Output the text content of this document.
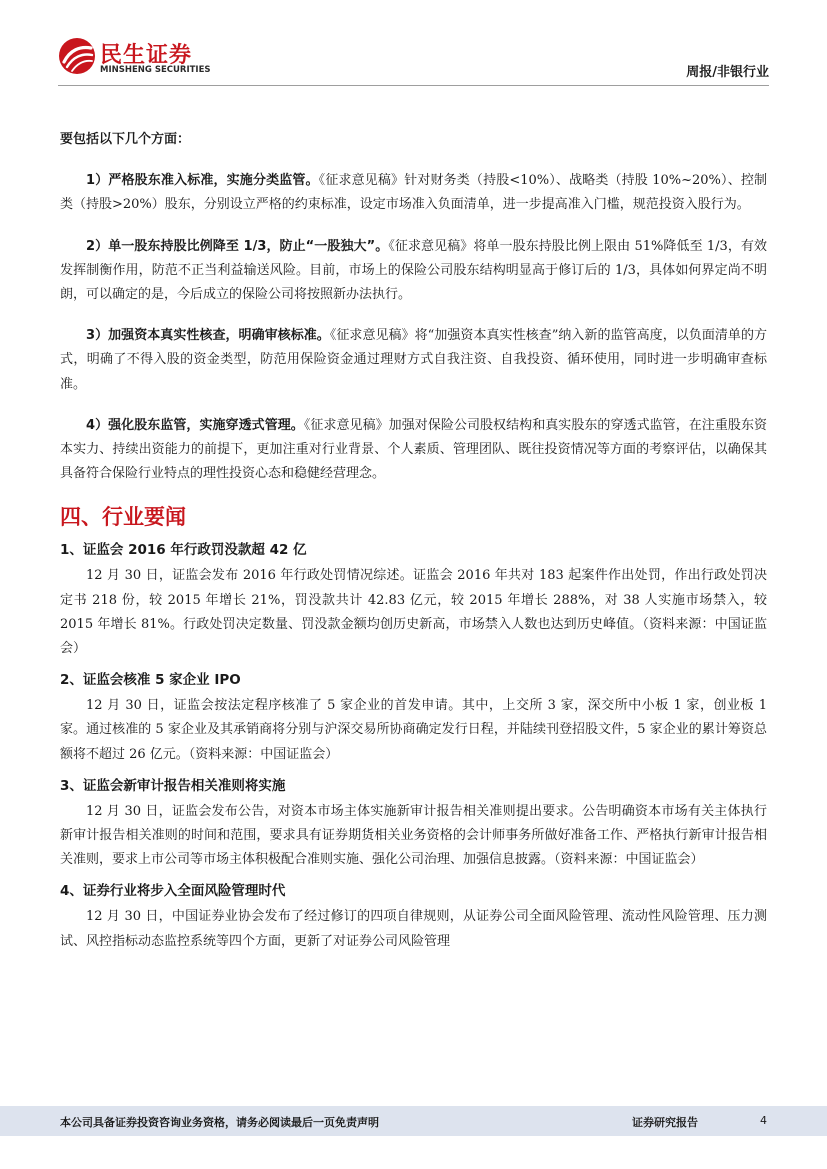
民生证券
MINSHENG SECURITIES	周报/非银行业

要包括以下几个方面：

1）严格股东准入标准，实施分类监管。《征求意见稿》针对财务类（持股<10%）、战略类（持股 10%~20%）、控制类（持股>20%）股东，分别设立严格的约束标准，设定市场准入负面清单，进一步提高准入门槛，规范投资入股行为。

2）单一股东持股比例降至 1/3，防止“一股独大”。《征求意见稿》将单一股东持股比例上限由 51%降低至 1/3，有效发挥制衡作用，防范不正当利益输送风险。目前，市场上的保险公司股东结构明显高于修订后的 1/3，具体如何界定尚不明朗，可以确定的是，今后成立的保险公司将按照新办法执行。

3）加强资本真实性核查，明确审核标准。《征求意见稿》将“加强资本真实性核查”纳入新的监管高度，以负面清单的方式，明确了不得入股的资金类型，防范用保险资金通过理财方式自我注资、自我投资、循环使用，同时进一步明确审查标准。

4）强化股东监管，实施穿透式管理。《征求意见稿》加强对保险公司股权结构和真实股东的穿透式监管，在注重股东资本实力、持续出资能力的前提下，更加注重对行业背景、个人素质、管理团队、既往投资情况等方面的考察评估，以确保其具备符合保险行业特点的理性投资心态和稳健经营理念。

四、行业要闻
1、证监会 2016 年行政罚没款超 42 亿

12 月 30 日，证监会发布 2016 年行政处罚情况综述。证监会 2016 年共对 183 起案件作出处罚，作出行政处罚决定书 218 份，较 2015 年增长 21%，罚没款共计 42.83 亿元，较 2015 年增长 288%，对 38 人实施市场禁入，较 2015 年增长 81%。行政处罚决定数量、罚没款金额均创历史新高，市场禁入人数也达到历史峰值。（资料来源：中国证监会）

2、证监会核准 5 家企业 IPO

12 月 30 日，证监会按法定程序核准了 5 家企业的首发申请。其中，上交所 3 家，深交所中小板 1 家，创业板 1 家。通过核准的 5 家企业及其承销商将分别与沪深交易所协商确定发行日程，并陆续刊登招股文件，5 家企业的累计筹资总额将不超过 26 亿元。（资料来源：中国证监会）

3、证监会新审计报告相关准则将实施

12 月 30 日，证监会发布公告，对资本市场主体实施新审计报告相关准则提出要求。公告明确资本市场有关主体执行新审计报告相关准则的时间和范围，要求具有证券期货相关业务资格的会计师事务所做好准备工作、严格执行新审计报告相关准则，要求上市公司等市场主体积极配合准则实施、强化公司治理、加强信息披露。（资料来源：中国证监会）

4、证券行业将步入全面风险管理时代

12 月 30 日，中国证券业协会发布了经过修订的四项自律规则，从证券公司全面风险管理、流动性风险管理、压力测试、风控指标动态监控系统等四个方面，更新了对证券公司风险管理

本公司具备证券投资咨询业务资格，请务必阅读最后一页免责声明	证券研究报告	4
